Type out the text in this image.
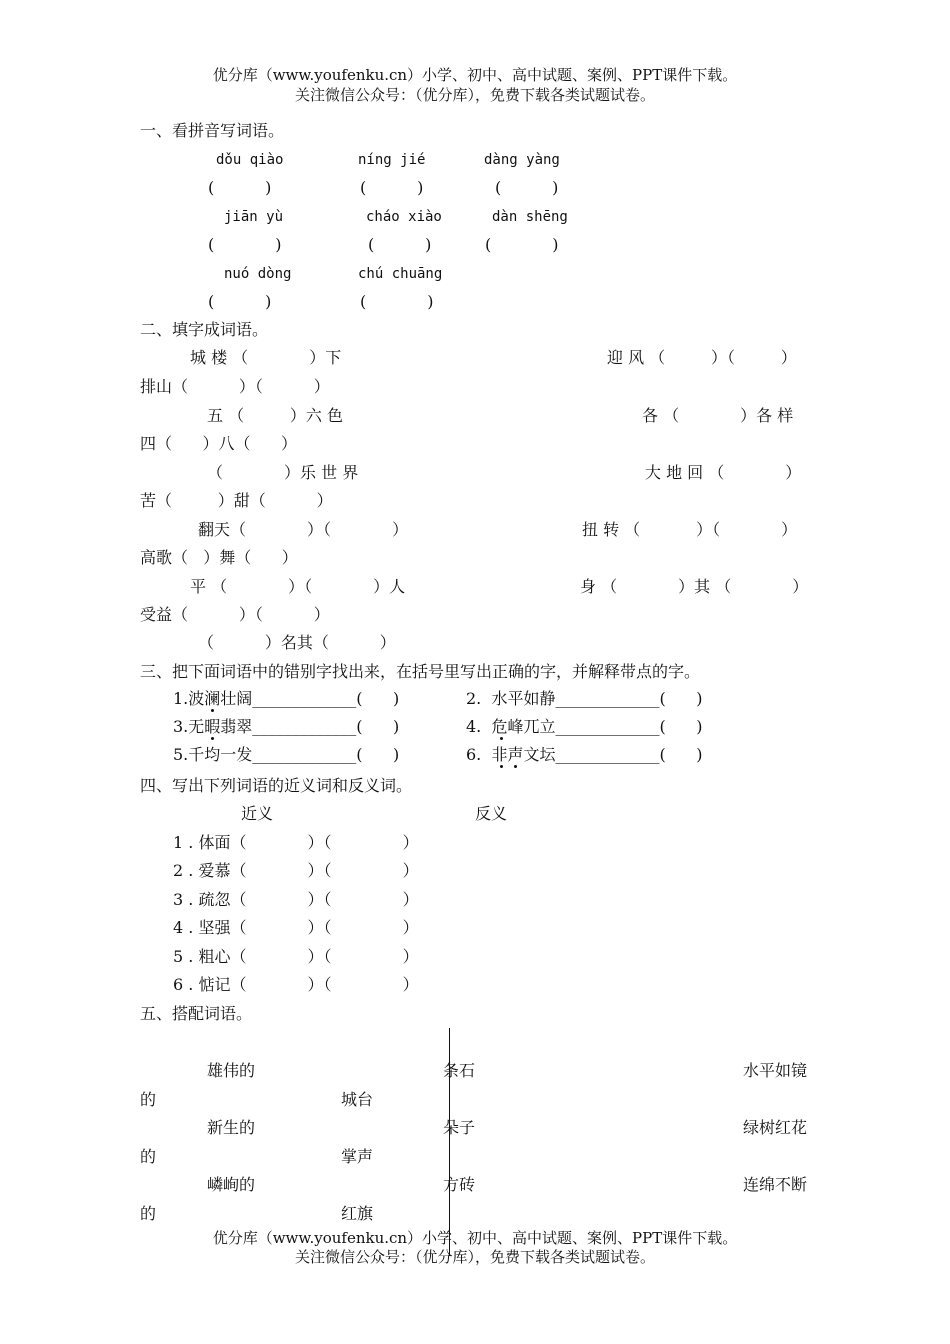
优分库（www.youfenku.cn）小学、初中、高中试题、案例、PPT课件下载。
关注微信公众号：（优分库），免费下载各类试题试卷。
一、看拼音写词语。
dǒu qiào	níng jié	dàng yàng
(          )	(          )	(          )
jiān yù	cháo xiào	dàn shēng
(            )	(          )	(            )
nuó dòng	chú chuāng
(          )	(            )
二、填字成词语。
城 楼 （            ）下	迎 风 （         ）（         ）
排山（          ）（          ）
五 （         ）六 色	各 （            ）各 样
四（      ）八（      ）
（            ）乐 世 界	大 地 回 （            ）
苦（         ）甜（          ）
翻天（            ）（            ）	扭 转 （           ）（            ）
高歌（   ）舞（      ）
平 （            ）（            ）人	身 （            ）其 （            ）
受益（          ）（          ）
（          ）名其（          ）
三、把下面词语中的错别字找出来，在括号里写出正确的字，并解释带点的字。
1.波澜壮阔_____________(      )	2.  水平如静_____________(      )
3.无暇翡翠_____________(      )	4.  危峰兀立_____________(      )
5.千均一发_____________(      )	6.  非声文坛_____________(      )
四、写出下列词语的近义词和反义词。
近义	反义
1 . 体面（            ）（              ）
2 . 爱慕（            ）（              ）
3 . 疏忽（            ）（              ）
4 . 坚强（            ）（              ）
5 . 粗心（            ）（              ）
6 . 惦记（            ）（              ）
五、搭配词语。
雄伟的	条石	水平如镜
的	城台
新生的	朵子	绿树红花
的	掌声
嶙峋的	方砖	连绵不断
的	红旗
优分库（www.youfenku.cn）小学、初中、高中试题、案例、PPT课件下载。
关注微信公众号：（优分库），免费下载各类试题试卷。
